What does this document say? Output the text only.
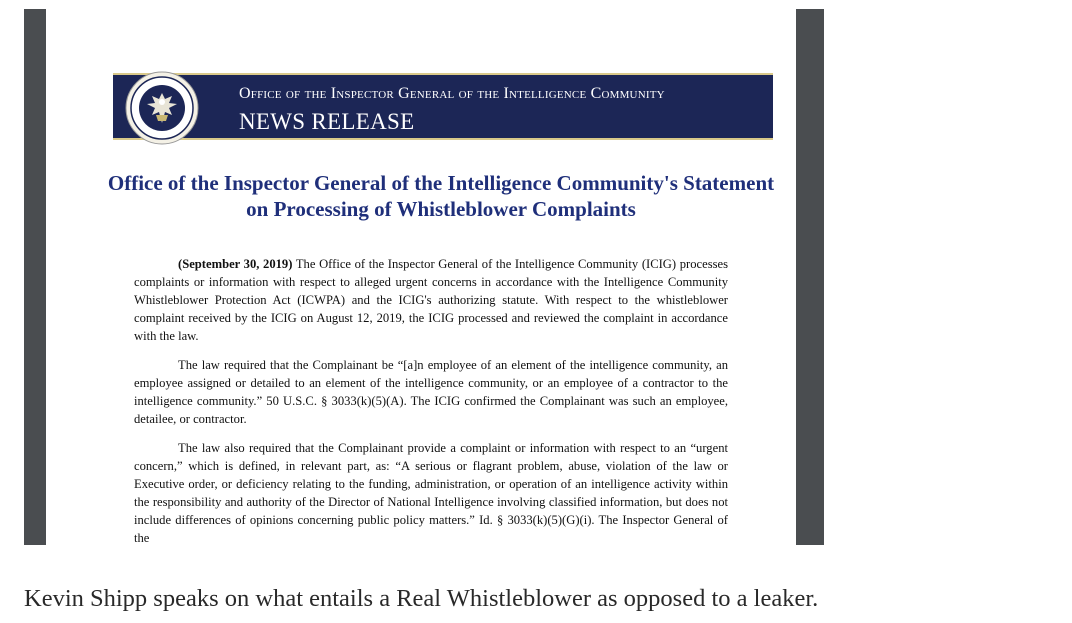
Office of the Inspector General of the Intelligence Community
NEWS RELEASE
Office of the Inspector General of the Intelligence Community's Statement on Processing of Whistleblower Complaints

(September 30, 2019) The Office of the Inspector General of the Intelligence Community (ICIG) processes complaints or information with respect to alleged urgent concerns in accordance with the Intelligence Community Whistleblower Protection Act (ICWPA) and the ICIG's authorizing statute. With respect to the whistleblower complaint received by the ICIG on August 12, 2019, the ICIG processed and reviewed the complaint in accordance with the law.

The law required that the Complainant be “[a]n employee of an element of the intelligence community, an employee assigned or detailed to an element of the intelligence community, or an employee of a contractor to the intelligence community.” 50 U.S.C. § 3033(k)(5)(A). The ICIG confirmed the Complainant was such an employee, detailee, or contractor.

The law also required that the Complainant provide a complaint or information with respect to an “urgent concern,” which is defined, in relevant part, as: “A serious or flagrant problem, abuse, violation of the law or Executive order, or deficiency relating to the funding, administration, or operation of an intelligence activity within the responsibility and authority of the Director of National Intelligence involving classified information, but does not include differences of opinions concerning public policy matters.” Id. § 3033(k)(5)(G)(i). The Inspector General of the

Kevin Shipp speaks on what entails a Real Whistleblower as opposed to a leaker.
